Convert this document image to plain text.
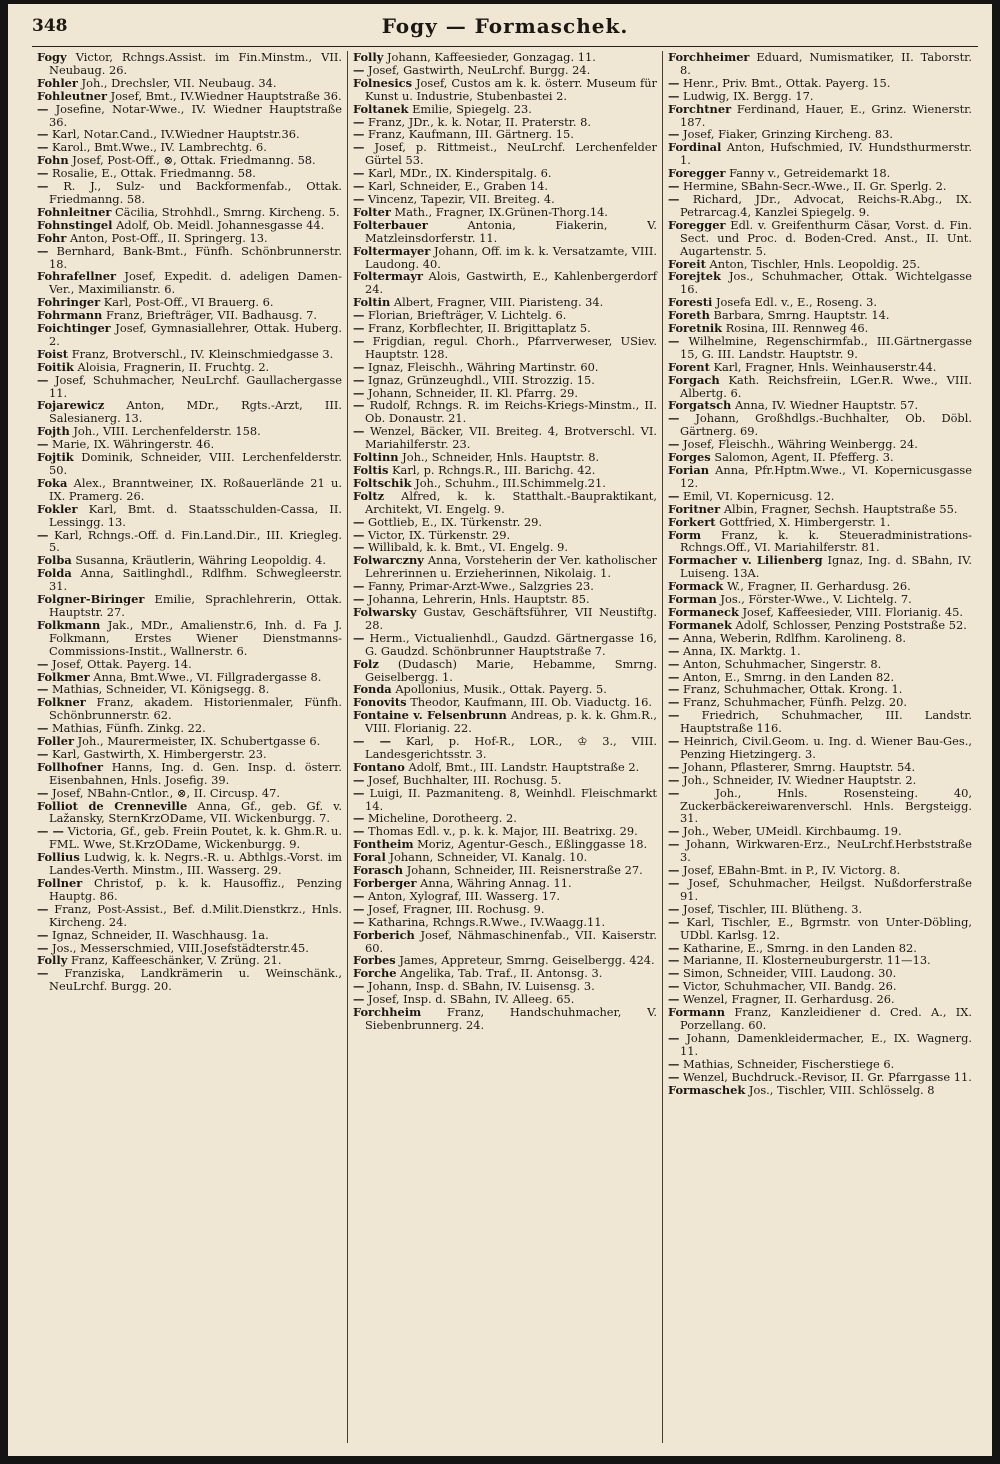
348	Fogy — Formaschek.
Fogy Victor, Rchngs.Assist. im Fin.Minstm., VII. Neubaug. 26.
Fohler Joh., Drechsler, VII. Neubaug. 34.
Fohleutner Josef, Bmt., IV.Wiedner Hauptstraße 36.
— Josefine, Notar-Wwe., IV. Wiedner Hauptstraße 36.
— Karl, Notar.Cand., IV.Wiedner Hauptstr.36.
— Karol., Bmt.Wwe., IV. Lambrechtg. 6.
Fohn Josef, Post-Off., ⊗, Ottak. Friedmanng. 58.
— Rosalie, E., Ottak. Friedmanng. 58.
— R. J., Sulz- und Backformenfab., Ottak. Friedmanng. 58.
Fohnleitner Cäcilia, Strohhdl., Smrng. Kircheng. 5.
Fohnstingel Adolf, Ob. Meidl. Johannesgasse 44.
Fohr Anton, Post-Off., II. Springerg. 13.
— Bernhard, Bank-Bmt., Fünfh. Schönbrunnerstr. 18.
Fohrafellner Josef, Expedit. d. adeligen Damen-Ver., Maximilianstr. 6.
Fohringer Karl, Post-Off., VI Brauerg. 6.
Fohrmann Franz, Briefträger, VII. Badhausg. 7.
Foichtinger Josef, Gymnasiallehrer, Ottak. Huberg. 2.
Foist Franz, Brotverschl., IV. Kleinschmiedgasse 3.
Foitik Aloisia, Fragnerin, II. Fruchtg. 2.
— Josef, Schuhmacher, NeuLrchf. Gaullachergasse 11.
Fojarewicz Anton, MDr., Rgts.-Arzt, III. Salesianerg. 13.
Fojth Joh., VIII. Lerchenfelderstr. 158.
— Marie, IX. Währingerstr. 46.
Fojtik Dominik, Schneider, VIII. Lerchenfelderstr. 50.
Foka Alex., Branntweiner, IX. Roßauerlände 21 u. IX. Pramerg. 26.
Fokler Karl, Bmt. d. Staatsschulden-Cassa, II. Lessingg. 13.
— Karl, Rchngs.-Off. d. Fin.Land.Dir., III. Kriegleg. 5.
Folba Susanna, Kräutlerin, Währing Leopoldig. 4.
Folda Anna, Saitlinghdl., Rdlfhm. Schwegleerstr. 31.
Folgner-Biringer Emilie, Sprachlehrerin, Ottak. Hauptstr. 27.
Folkmann Jak., MDr., Amalienstr.6, Inh. d. Fa J. Folkmann, Erstes Wiener Dienstmanns-Commissions-Instit., Wallnerstr. 6.
— Josef, Ottak. Payerg. 14.
Folkmer Anna, Bmt.Wwe., VI. Fillgradergasse 8.
— Mathias, Schneider, VI. Königsegg. 8.
Folkner Franz, akadem. Historienmaler, Fünfh. Schönbrunnerstr. 62.
— Mathias, Fünfh. Zinkg. 22.
Foller Joh., Maurermeister, IX. Schubertgasse 6.
— Karl, Gastwirth, X. Himbergerstr. 23.
Follhofner Hanns, Ing. d. Gen. Insp. d. österr. Eisenbahnen, Hnls. Josefig. 39.
— Josef, NBahn-Cntlor., ⊗, II. Circusp. 47.
Folliot de Crenneville Anna, Gf., geb. Gf. v. Lažansky, SternKrzODame, VII. Wickenburgg. 7.
— — Victoria, Gf., geb. Freiin Poutet, k. k. Ghm.R. u. FML. Wwe, St.KrzODame, Wickenburgg. 9.
Follius Ludwig, k. k. Negrs.-R. u. Abthlgs.-Vorst. im Landes-Verth. Minstm., III. Wasserg. 29.
Follner Christof, p. k. k. Hausoffiz., Penzing Hauptg. 86.
— Franz, Post-Assist., Bef. d.Milit.Dienstkrz., Hnls. Kircheng. 24.
— Ignaz, Schneider, II. Waschhausg. 1a.
— Jos., Messerschmied, VIII.Josefstädterstr.45.
Folly Franz, Kaffeeschänker, V. Zrüng. 21.
— Franziska, Landkrämerin u. Weinschänk., NeuLrchf. Burgg. 20.
Folly Johann, Kaffeesieder, Gonzagag. 11.
— Josef, Gastwirth, NeuLrchf. Burgg. 24.
Folnesics Josef, Custos am k. k. österr. Museum für Kunst u. Industrie, Stubenbastei 2.
Foltanek Emilie, Spiegelg. 23.
— Franz, JDr., k. k. Notar, II. Praterstr. 8.
— Franz, Kaufmann, III. Gärtnerg. 15.
— Josef, p. Rittmeist., NeuLrchf. Lerchenfelder Gürtel 53.
— Karl, MDr., IX. Kinderspitalg. 6.
— Karl, Schneider, E., Graben 14.
— Vincenz, Tapezir, VII. Breiteg. 4.
Folter Math., Fragner, IX.Grünen-Thorg.14.
Folterbauer	Antonia, Fiakerin, V. Matzleinsdorferstr. 11.
Foltermayer Johann, Off. im k. k. Versatzamte, VIII. Laudong. 40.
Foltermayr Alois, Gastwirth, E., Kahlenbergerdorf 24.
Foltin Albert, Fragner, VIII. Piaristeng. 34.
— Florian, Briefträger, V. Lichtelg. 6.
— Franz, Korbflechter, II. Brigittaplatz 5.
— Frigdian, regul. Chorh., Pfarrverweser, USiev. Hauptstr. 128.
— Ignaz, Fleischh., Währing Martinstr. 60.
— Ignaz, Grünzeughdl., VIII. Strozzig. 15.
— Johann, Schneider, II. Kl. Pfarrg. 29.
— Rudolf, Rchngs. R. im Reichs-Kriegs-Minstm., II. Ob. Donaustr. 21.
— Wenzel, Bäcker, VII. Breiteg. 4, Brotverschl. VI. Mariahilferstr. 23.
Foltinn Joh., Schneider, Hnls. Hauptstr. 8.
Foltis Karl, p. Rchngs.R., III. Barichg. 42.
Foltschik Joh., Schuhm., III.Schimmelg.21.
Foltz Alfred, k. k. Statthalt.-Baupraktikant, Architekt, VI. Engelg. 9.
— Gottlieb, E., IX. Türkenstr. 29.
— Victor, IX. Türkenstr. 29.
— Willibald, k. k. Bmt., VI. Engelg. 9.
Folwarczny Anna, Vorsteherin der Ver. katholischer Lehrerinnen u. Erzieherinnen, Nikolaig. 1.
— Fanny, Primar-Arzt-Wwe., Salzgries 23.
— Johanna, Lehrerin, Hnls. Hauptstr. 85.
Folwarsky Gustav, Geschäftsführer, VII Neustiftg. 28.
— Herm., Victualienhdl., Gaudzd. Gärtnergasse 16, G. Gaudzd. Schönbrunner Hauptstraße 7.
Folz (Dudasch) Marie, Hebamme, Smrng. Geiselbergg. 1.
Fonda Apollonius, Musik., Ottak. Payerg. 5.
Fonovits Theodor, Kaufmann, III. Ob. Viaductg. 16.
Fontaine v. Felsenbrunn Andreas, p. k. k. Ghm.R., VIII. Florianig. 22.
— — Karl, p. Hof-R., LOR., ♔ 3., VIII. Landesgerichtsstr. 3.
Fontano Adolf, Bmt., III. Landstr. Hauptstraße 2.
— Josef, Buchhalter, III. Rochusg. 5.
— Luigi, II. Pazmaniteng. 8, Weinhdl. Fleischmarkt 14.
— Micheline, Dorotheerg. 2.
— Thomas Edl. v., p. k. k. Major, III. Beatrixg. 29.
Fontheim Moriz, Agentur-Gesch., Eßlinggasse 18.
Foral Johann, Schneider, VI. Kanalg. 10.
Forasch Johann, Schneider, III. Reisnerstraße 27.
Forberger Anna, Währing Annag. 11.
— Anton, Xylograf, III. Wasserg. 17.
— Josef, Fragner, III. Rochusg. 9.
— Katharina, Rchngs.R.Wwe., IV.Waagg.11.
Forberich Josef, Nähmaschinenfab., VII. Kaiserstr. 60.
Forbes James, Appreteur, Smrng. Geiselbergg. 424.
Forche Angelika, Tab. Traf., II. Antonsg. 3.
— Johann, Insp. d. SBahn, IV. Luisensg. 3.
— Josef, Insp. d. SBahn, IV. Alleeg. 65.
Forchheim Franz, Handschuhmacher, V. Siebenbrunnerg. 24.
Forchheimer Eduard, Numismatiker, II. Taborstr. 8.
— Henr., Priv. Bmt., Ottak. Payerg. 15.
— Ludwig, IX. Bergg. 17.
Forchtner Ferdinand, Hauer, E., Grinz. Wienerstr. 187.
— Josef, Fiaker, Grinzing Kircheng. 83.
Fordinal Anton, Hufschmied, IV. Hundsthurmerstr. 1.
Foregger Fanny v., Getreidemarkt 18.
— Hermine, SBahn-Secr.-Wwe., II. Gr. Sperlg. 2.
— Richard, JDr., Advocat, Reichs-R.Abg., IX. Petrarcag.4, Kanzlei Spiegelg. 9.
Foregger Edl. v. Greifenthurm Cäsar, Vorst. d. Fin. Sect. und Proc. d. Boden-Cred. Anst., II. Unt. Augartenstr. 5.
Foreit Anton, Tischler, Hnls. Leopoldig. 25.
Forejtek Jos., Schuhmacher, Ottak. Wichtelgasse 16.
Foresti Josefa Edl. v., E., Roseng. 3.
Foreth Barbara, Smrng. Hauptstr. 14.
Foretnik Rosina, III. Rennweg 46.
— Wilhelmine, Regenschirmfab., III.Gärtnergasse 15, G. III. Landstr. Hauptstr. 9.
Forent Karl, Fragner, Hnls. Weinhauserstr.44.
Forgach Kath. Reichsfreiin, LGer.R. Wwe., VIII. Albertg. 6.
Forgatsch Anna, IV. Wiedner Hauptstr. 57.
— Johann, Großhdlgs.-Buchhalter, Ob. Döbl. Gärtnerg. 69.
— Josef, Fleischh., Währing Weinbergg. 24.
Forges Salomon, Agent, II. Pfefferg. 3.
Forian Anna, Pfr.Hptm.Wwe., VI. Kopernicusgasse 12.
— Emil, VI. Kopernicusg. 12.
Foritner Albin, Fragner, Sechsh. Hauptstraße 55.
Forkert Gottfried, X. Himbergerstr. 1.
Form Franz, k. k. Steueradministrations-Rchngs.Off., VI. Mariahilferstr. 81.
Formacher v. Lilienberg Ignaz, Ing. d. SBahn, IV. Luiseng. 13A.
Formack W., Fragner, II. Gerhardusg. 26.
Forman Jos., Förster-Wwe., V. Lichtelg. 7.
Formaneck Josef, Kaffeesieder, VIII. Florianig. 45.
Formanek Adolf, Schlosser, Penzing Poststraße 52.
— Anna, Weberin, Rdlfhm. Karolineng. 8.
— Anna, IX. Marktg. 1.
— Anton, Schuhmacher, Singerstr. 8.
— Anton, E., Smrng. in den Landen 82.
— Franz, Schuhmacher, Ottak. Krong. 1.
— Franz, Schuhmacher, Fünfh. Pelzg. 20.
— Friedrich, Schuhmacher, III. Landstr. Hauptstraße 116.
— Heinrich, Civil.Geom. u. Ing. d. Wiener Bau-Ges., Penzing Hietzingerg. 3.
— Johann, Pflasterer, Smrng. Hauptstr. 54.
— Joh., Schneider, IV. Wiedner Hauptstr. 2.
—	Joh., Hnls. Rosensteing. 40, Zuckerbäckereiwarenverschl. Hnls. Bergsteigg. 31.
— Joh., Weber, UMeidl. Kirchbaumg. 19.
— Johann, Wirkwaren-Erz., NeuLrchf.Herbststraße 3.
— Josef, EBahn-Bmt. in P., IV. Victorg. 8.
— Josef, Schuhmacher, Heilgst. Nußdorferstraße 91.
— Josef, Tischler, III. Blütheng. 3.
— Karl, Tischler, E., Bgrmstr. von Unter-Döbling, UDbl. Karlsg. 12.
— Katharine, E., Smrng. in den Landen 82.
— Marianne, II. Klosterneuburgerstr. 11—13.
— Simon, Schneider, VIII. Laudong. 30.
— Victor, Schuhmacher, VII. Bandg. 26.
— Wenzel, Fragner, II. Gerhardusg. 26.
Formann Franz, Kanzleidiener d. Cred. A., IX. Porzellang. 60.
— Johann, Damenkleidermacher, E., IX. Wagnerg. 11.
— Mathias, Schneider, Fischerstiege 6.
— Wenzel, Buchdruck.-Revisor, II. Gr. Pfarrgasse 11.
Formaschek Jos., Tischler, VIII. Schlösselg. 8
